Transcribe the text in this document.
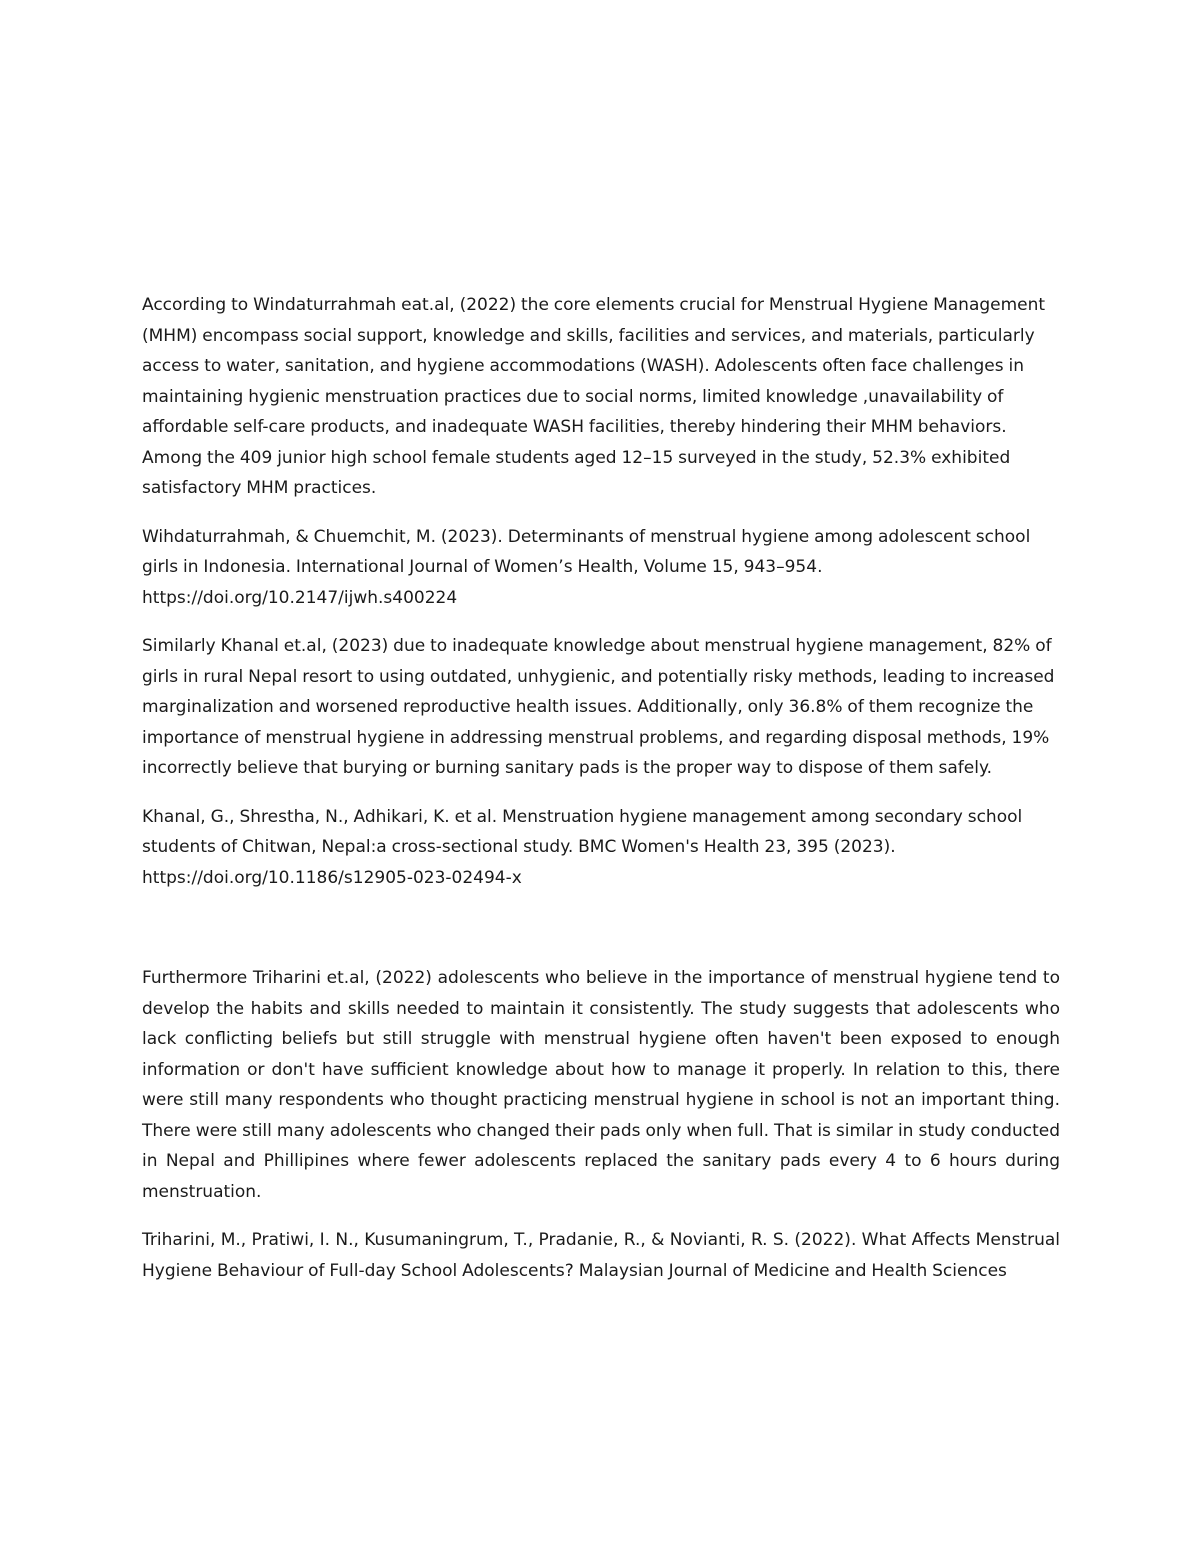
According to Windaturrahmah eat.al, (2022) the core elements crucial for Menstrual Hygiene Management (MHM) encompass social support, knowledge and skills, facilities and services, and materials, particularly access to water, sanitation, and hygiene accommodations (WASH). Adolescents often face challenges in maintaining hygienic menstruation practices due to social norms, limited knowledge ,unavailability of affordable self-care products, and inadequate WASH facilities, thereby hindering their MHM behaviors. Among the 409 junior high school female students aged 12–15 surveyed in the study, 52.3% exhibited satisfactory MHM practices.

Wihdaturrahmah, & Chuemchit, M. (2023). Determinants of menstrual hygiene among adolescent school girls in Indonesia. International Journal of Women’s Health, Volume 15, 943–954. https://doi.org/10.2147/ijwh.s400224

Similarly Khanal et.al, (2023) due to inadequate knowledge about menstrual hygiene management, 82% of girls in rural Nepal resort to using outdated, unhygienic, and potentially risky methods, leading to increased marginalization and worsened reproductive health issues. Additionally, only 36.8% of them recognize the importance of menstrual hygiene in addressing menstrual problems, and regarding disposal methods, 19% incorrectly believe that burying or burning sanitary pads is the proper way to dispose of them safely.

Khanal, G., Shrestha, N., Adhikari, K. et al. Menstruation hygiene management among secondary school students of Chitwan, Nepal:a cross-sectional study. BMC Women's Health 23, 395 (2023). https://doi.org/10.1186/s12905-023-02494-x

Furthermore Triharini et.al, (2022) adolescents who believe in the importance of menstrual hygiene tend to develop the habits and skills needed to maintain it consistently. The study suggests that adolescents who lack conflicting beliefs but still struggle with menstrual hygiene often haven't been exposed to enough information or don't have sufficient knowledge about how to manage it properly. In relation to this, there were still many respondents who thought practicing menstrual hygiene in school is not an important thing. There were still many adolescents who changed their pads only when full. That is similar in study conducted in Nepal and Phillipines where fewer adolescents replaced the sanitary pads every 4 to 6 hours during menstruation.

Triharini, M., Pratiwi, I. N., Kusumaningrum, T., Pradanie, R., & Novianti, R. S. (2022). What Affects Menstrual Hygiene Behaviour of Full-day School Adolescents? Malaysian Journal of Medicine and Health Sciences
